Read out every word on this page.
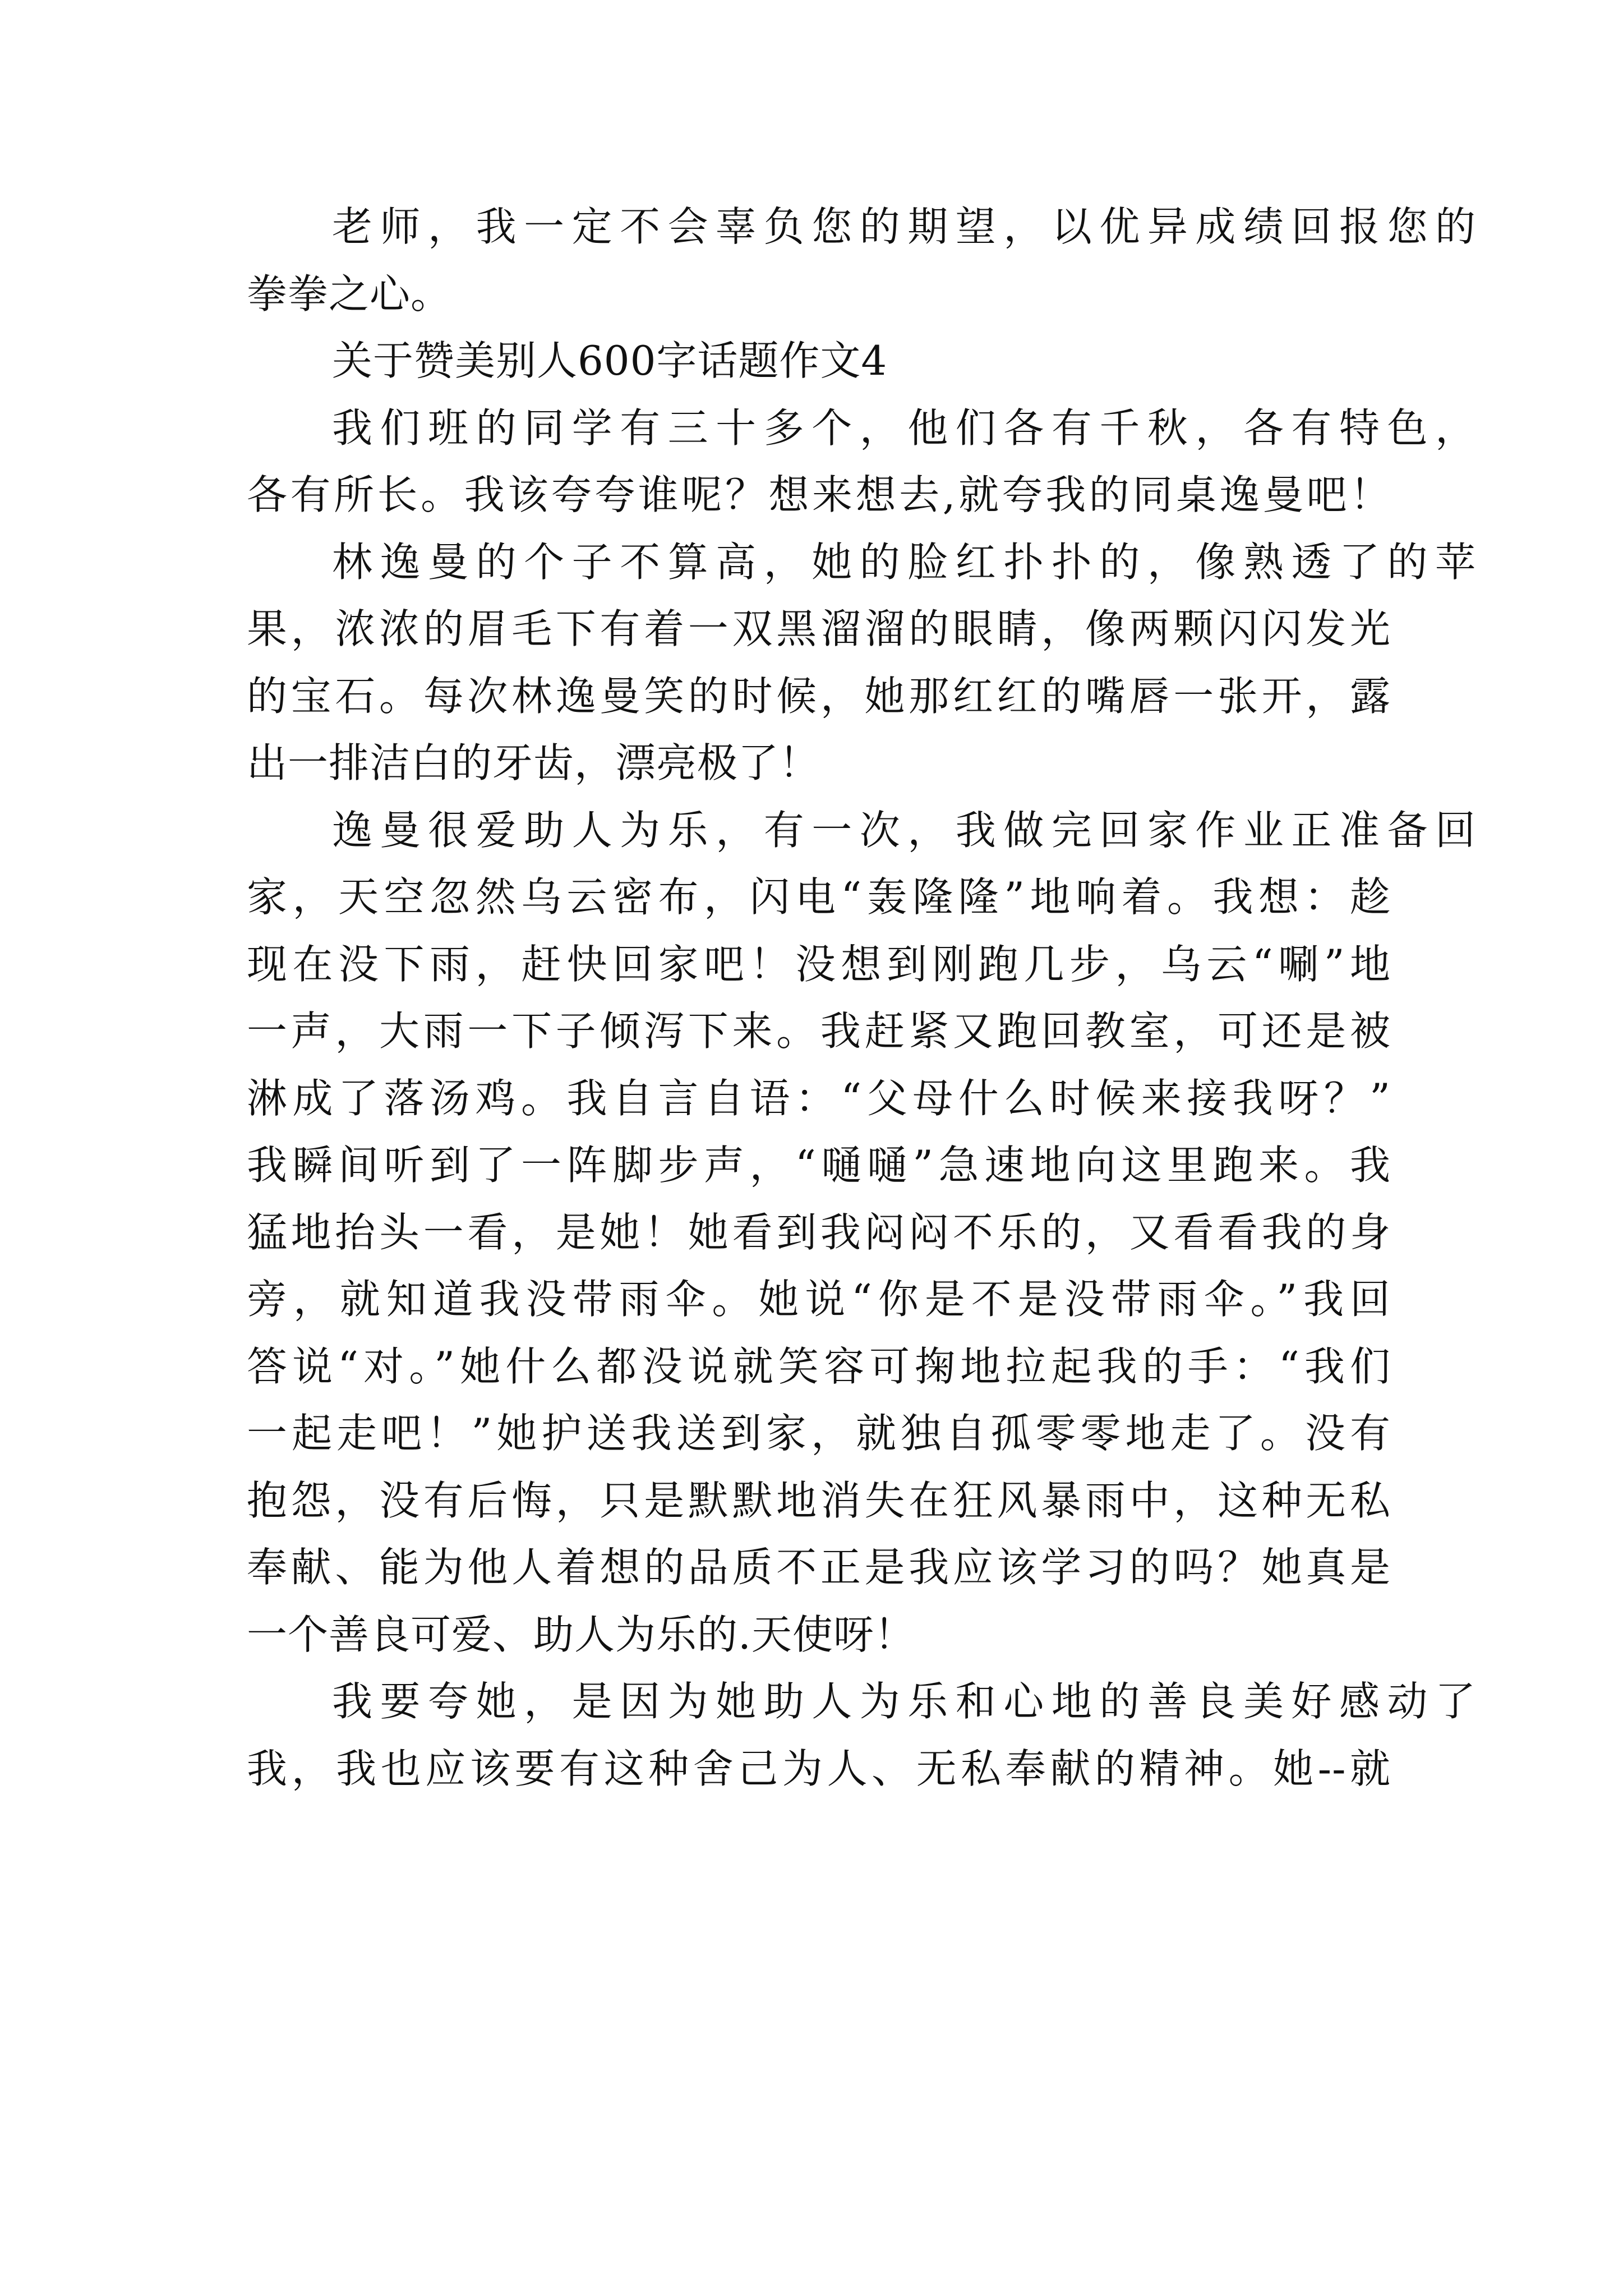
老师，我一定不会辜负您的期望，以优异成绩回报您的
拳拳之心。
关于赞美别人600字话题作文4
我们班的同学有三十多个，他们各有千秋，各有特色，
各有所长。我该夸夸谁呢？想来想去,就夸我的同桌逸曼吧！
林逸曼的个子不算高，她的脸红扑扑的，像熟透了的苹
果，浓浓的眉毛下有着一双黑溜溜的眼睛，像两颗闪闪发光
的宝石。每次林逸曼笑的时候，她那红红的嘴唇一张开，露
出一排洁白的牙齿，漂亮极了！
逸曼很爱助人为乐，有一次，我做完回家作业正准备回
家，天空忽然乌云密布，闪电“轰隆隆”地响着。我想：趁
现在没下雨，赶快回家吧！没想到刚跑几步，乌云“唰”地
一声，大雨一下子倾泻下来。我赶紧又跑回教室，可还是被
淋成了落汤鸡。我自言自语：“父母什么时候来接我呀？”
我瞬间听到了一阵脚步声，“嗵嗵”急速地向这里跑来。我
猛地抬头一看，是她！她看到我闷闷不乐的，又看看我的身
旁，就知道我没带雨伞。她说“你是不是没带雨伞。”我回
答说“对。”她什么都没说就笑容可掬地拉起我的手：“我们
一起走吧！”她护送我送到家，就独自孤零零地走了。没有
抱怨，没有后悔，只是默默地消失在狂风暴雨中，这种无私
奉献、能为他人着想的品质不正是我应该学习的吗？她真是
一个善良可爱、助人为乐的.天使呀！
我要夸她，是因为她助人为乐和心地的善良美好感动了
我，我也应该要有这种舍己为人、无私奉献的精神。她--就
